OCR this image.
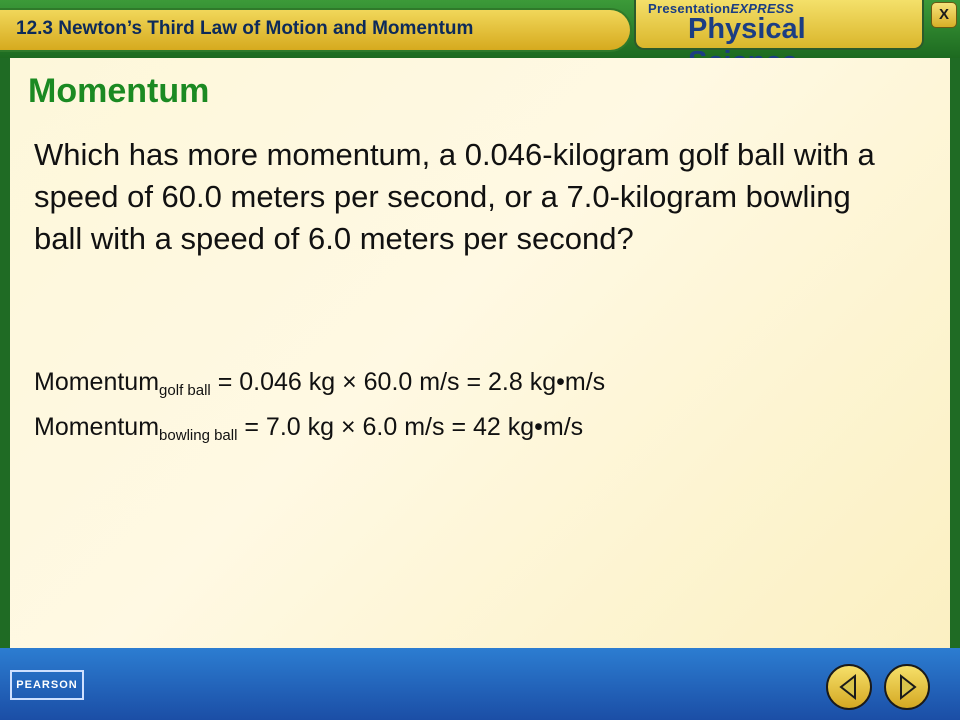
12.3 Newton’s Third Law of Motion and Momentum
PresentationEXPRESS
Physical	X
Momentum
Which has more momentum, a 0.046-kilogram golf ball with a speed of 60.0 meters per second, or a 7.0-kilogram bowling ball with a speed of 6.0 meters per second?
Momentum$_{golf ball}$ = 0.046 kg × 60.0 m/s = 2.8 kg•m/s
Momentum$_{bowling ball}$ = 7.0 kg × 6.0 m/s = 42 kg•m/s
PEARSON
